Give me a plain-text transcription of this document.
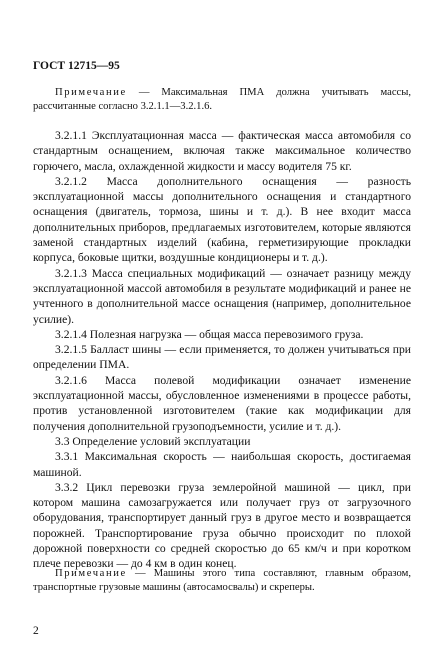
ГОСТ 12715—95
Примечание — Максимальная ПМА должна учитывать массы, рассчитанные согласно 3.2.1.1—3.2.1.6.

3.2.1.1 Эксплуатационная масса — фактическая масса автомобиля со стандартным оснащением, включая также максимальное количество горючего, масла, охлажденной жидкости и массу водителя 75 кг.

3.2.1.2 Масса дополнительного оснащения — разность эксплуатационной массы дополнительного оснащения и стандартного оснащения (двигатель, тормоза, шины и т. д.). В нее входит масса дополнительных приборов, предлагаемых изготовителем, которые являются заменой стандартных изделий (кабина, герметизирующие прокладки корпуса, боковые щитки, воздушные кондиционеры и т. д.).

3.2.1.3 Масса специальных модификаций — означает разницу между эксплуатационной массой автомобиля в результате модификаций и ранее не учтенного в дополнительной массе оснащения (например, дополнительное усилие).

3.2.1.4 Полезная нагрузка — общая масса перевозимого груза.

3.2.1.5 Балласт шины — если применяется, то должен учитываться при определении ПМА.

3.2.1.6 Масса полевой модификации означает изменение эксплуатационной массы, обусловленное изменениями в процессе работы, против установленной изготовителем (такие как модификации для получения дополнительной грузоподъемности, усилие и т. д.).

3.3 Определение условий эксплуатации

3.3.1 Максимальная скорость — наибольшая скорость, достигаемая машиной.

3.3.2 Цикл перевозки груза землеройной машиной — цикл, при котором машина самозагружается или получает груз от загрузочного оборудования, транспортирует данный груз в другое место и возвращается порожней. Транспортирование груза обычно происходит по плохой дорожной поверхности со средней скоростью до 65 км/ч и при коротком плече перевозки — до 4 км в один конец.

Примечание — Машины этого типа составляют, главным образом, транспортные грузовые машины (автосамосвалы) и скреперы.
2
